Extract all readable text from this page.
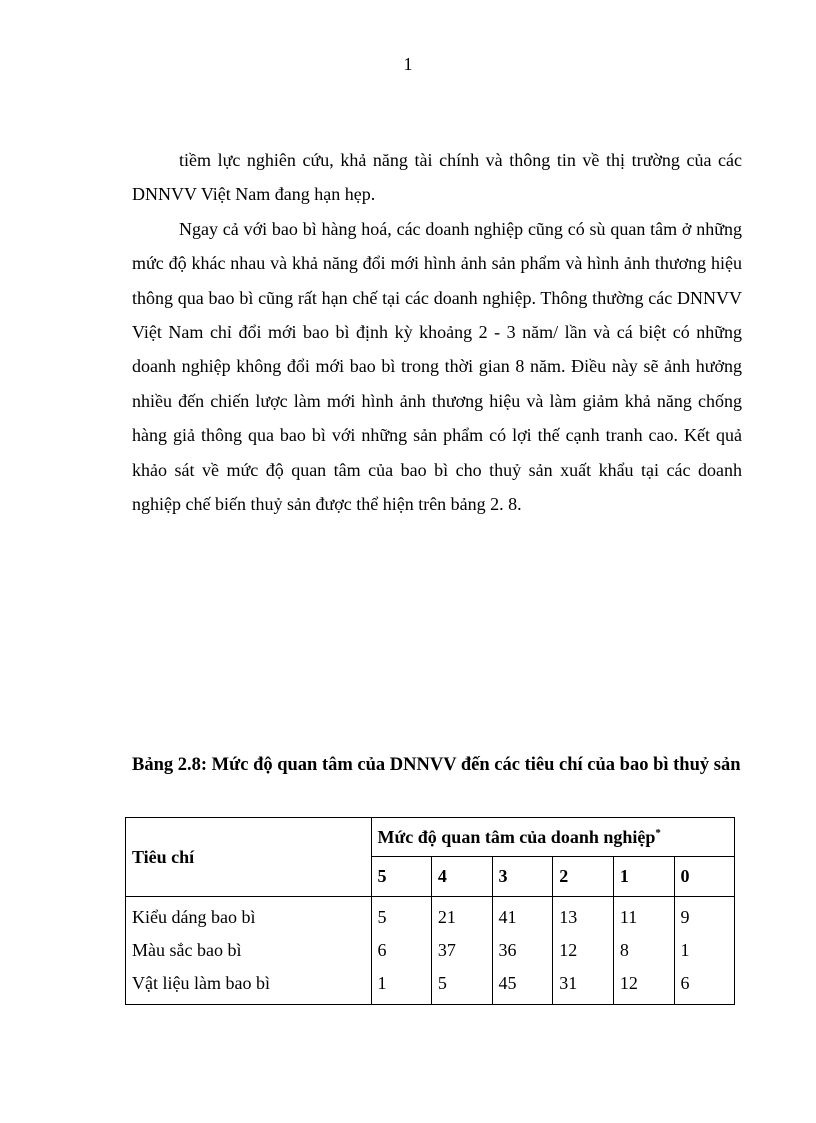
1

tiềm lực nghiên cứu, khả năng tài chính và thông tin về thị trường của các DNNVV Việt Nam đang hạn hẹp.

Ngay cả với bao bì hàng hoá, các doanh nghiệp cũng có sù quan tâm ở những mức độ khác nhau và khả năng đổi mới hình ảnh sản phẩm và hình ảnh thương hiệu thông qua bao bì cũng rất hạn chế tại các doanh nghiệp. Thông thường các DNNVV Việt Nam chỉ đổi mới bao bì định kỳ khoảng 2 - 3 năm/ lần và cá biệt có những doanh nghiệp không đổi mới bao bì trong thời gian 8 năm. Điều này sẽ ảnh hưởng nhiều đến chiến lược làm mới hình ảnh thương hiệu và làm giảm khả năng chống hàng giả thông qua bao bì với những sản phẩm có lợi thế cạnh tranh cao. Kết quả khảo sát về mức độ quan tâm của bao bì cho thuỷ sản xuất khẩu tại các doanh nghiệp chế biến thuỷ sản được thể hiện trên bảng 2. 8.

Bảng 2.8: Mức độ quan tâm của DNNVV đến các tiêu chí của bao bì thuỷ sản
Tiêu chí	Mức độ quan tâm của doanh nghiệp*
	5	4	3	2	1	0
Kiểu dáng bao bì	5	21	41	13	11	9
Màu sắc bao bì	6	37	36	12	8	1
Vật liệu làm bao bì	1	5	45	31	12	6
